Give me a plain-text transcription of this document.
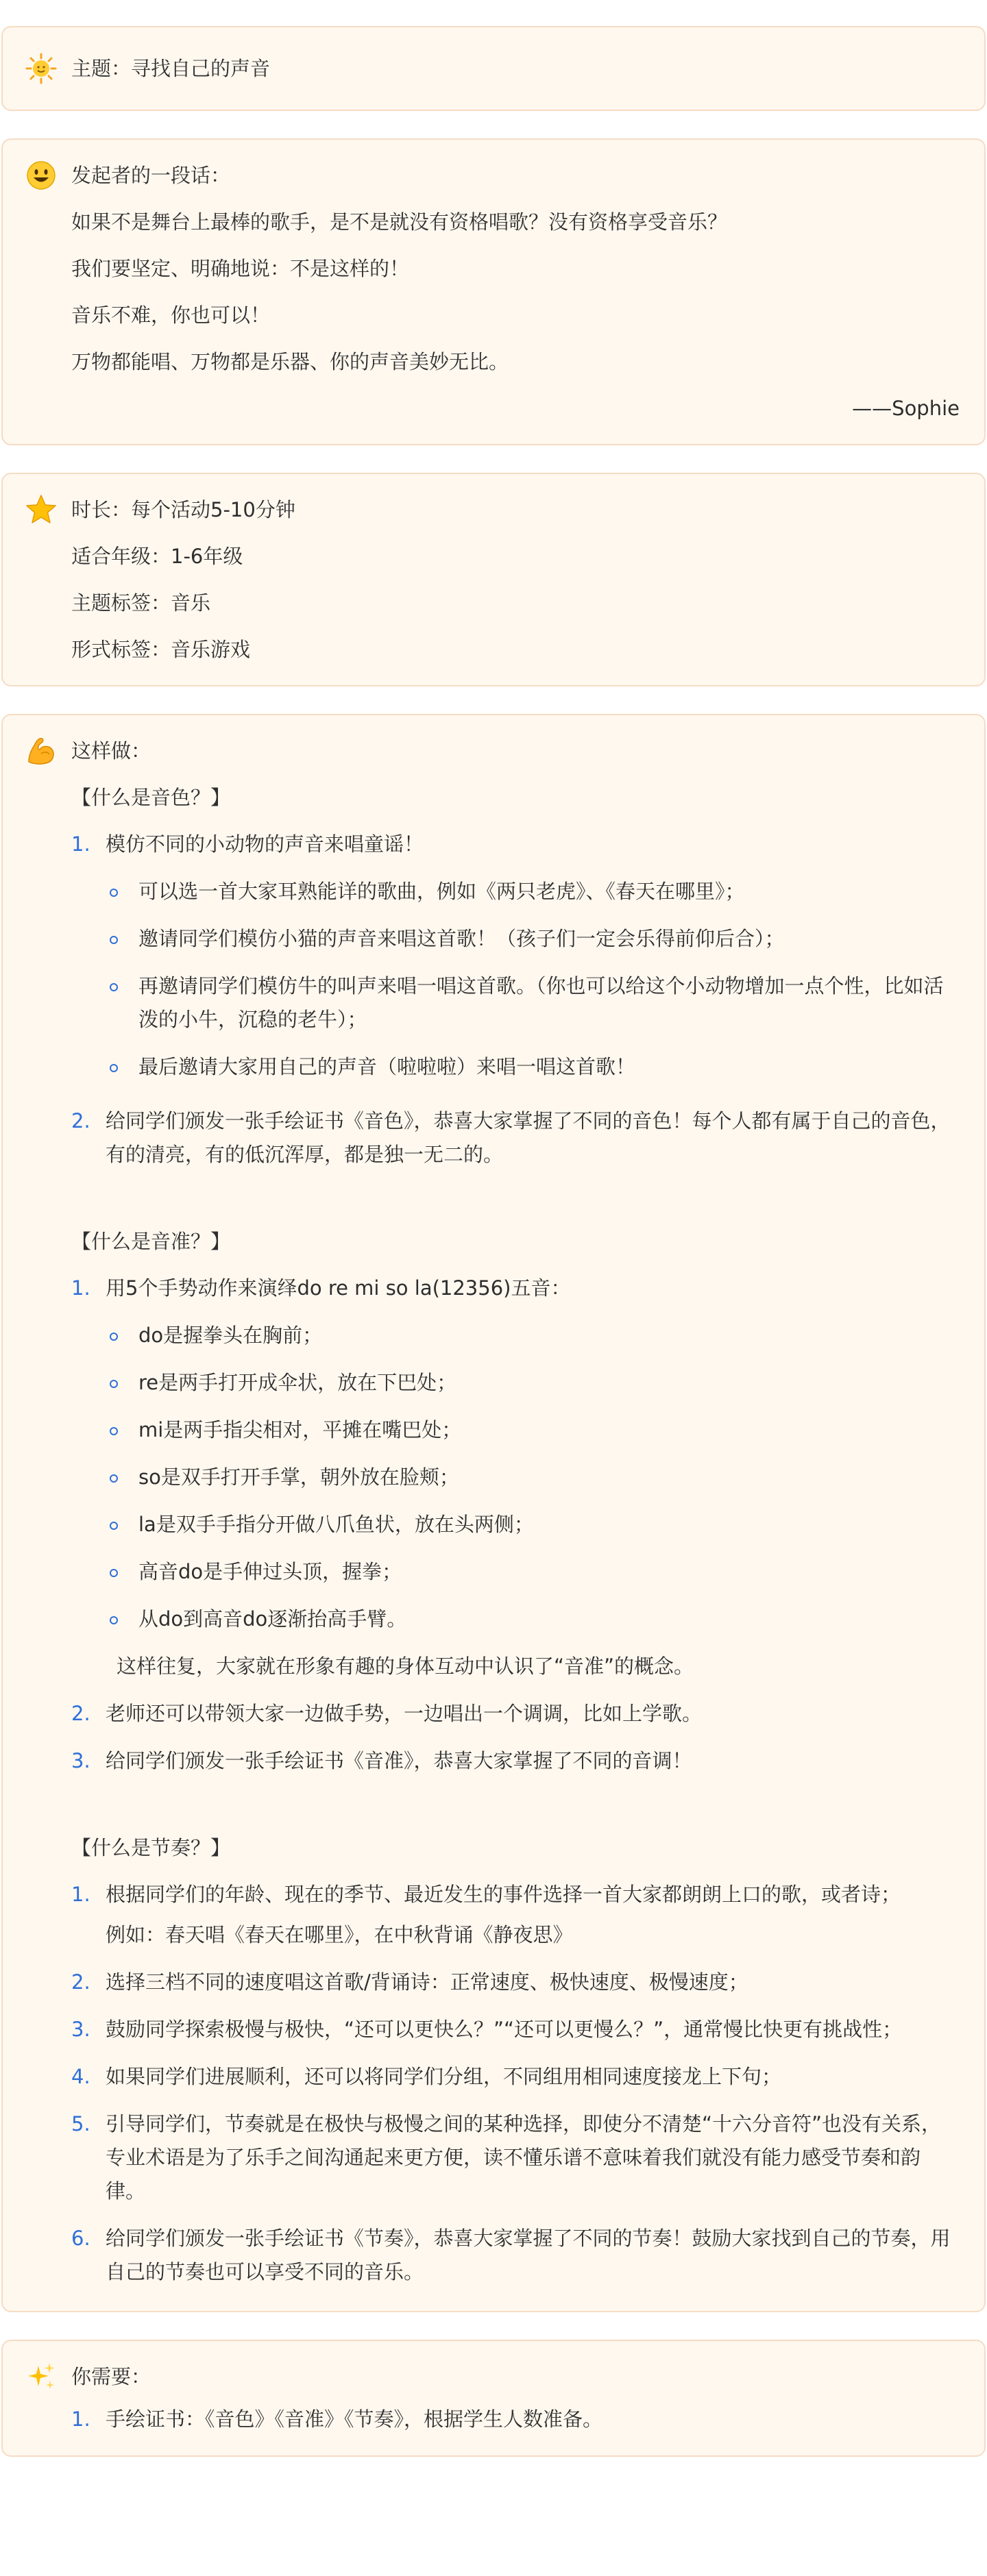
主题：寻找自己的声音
发起者的一段话：
如果不是舞台上最棒的歌手，是不是就没有资格唱歌？没有资格享受音乐？
我们要坚定、明确地说：不是这样的！
音乐不难，你也可以！
万物都能唱、万物都是乐器、你的声音美妙无比。
——Sophie
时长：每个活动5-10分钟
适合年级：1-6年级
主题标签：音乐
形式标签：音乐游戏
这样做：
【什么是音色？】
1. 模仿不同的小动物的声音来唱童谣！
可以选一首大家耳熟能详的歌曲，例如《两只老虎》、《春天在哪里》；
邀请同学们模仿小猫的声音来唱这首歌！（孩子们一定会乐得前仰后合）；
再邀请同学们模仿牛的叫声来唱一唱这首歌。（你也可以给这个小动物增加一点个性，比如活泼的小牛，沉稳的老牛）；
最后邀请大家用自己的声音（啦啦啦）来唱一唱这首歌！
2. 给同学们颁发一张手绘证书《音色》，恭喜大家掌握了不同的音色！每个人都有属于自己的音色，有的清亮，有的低沉浑厚，都是独一无二的。
【什么是音准？】
1. 用5个手势动作来演绎do re mi so la(12356)五音：
do是握拳头在胸前；
re是两手打开成伞状，放在下巴处；
mi是两手指尖相对，平摊在嘴巴处；
so是双手打开手掌，朝外放在脸颊；
la是双手手指分开做八爪鱼状，放在头两侧；
高音do是手伸过头顶，握拳；
从do到高音do逐渐抬高手臂。
这样往复，大家就在形象有趣的身体互动中认识了“音准”的概念。
2. 老师还可以带领大家一边做手势，一边唱出一个调调，比如上学歌。
3. 给同学们颁发一张手绘证书《音准》，恭喜大家掌握了不同的音调！
【什么是节奏？】
1. 根据同学们的年龄、现在的季节、最近发生的事件选择一首大家都朗朗上口的歌，或者诗；
例如：春天唱《春天在哪里》，在中秋背诵《静夜思》
2. 选择三档不同的速度唱这首歌/背诵诗：正常速度、极快速度、极慢速度；
3. 鼓励同学探索极慢与极快，“还可以更快么？”“还可以更慢么？”，通常慢比快更有挑战性；
4. 如果同学们进展顺利，还可以将同学们分组，不同组用相同速度接龙上下句；
5. 引导同学们，节奏就是在极快与极慢之间的某种选择，即使分不清楚“十六分音符”也没有关系，专业术语是为了乐手之间沟通起来更方便，读不懂乐谱不意味着我们就没有能力感受节奏和韵律。
6. 给同学们颁发一张手绘证书《节奏》，恭喜大家掌握了不同的节奏！鼓励大家找到自己的节奏，用自己的节奏也可以享受不同的音乐。
你需要：
1. 手绘证书：《音色》《音准》《节奏》，根据学生人数准备。
